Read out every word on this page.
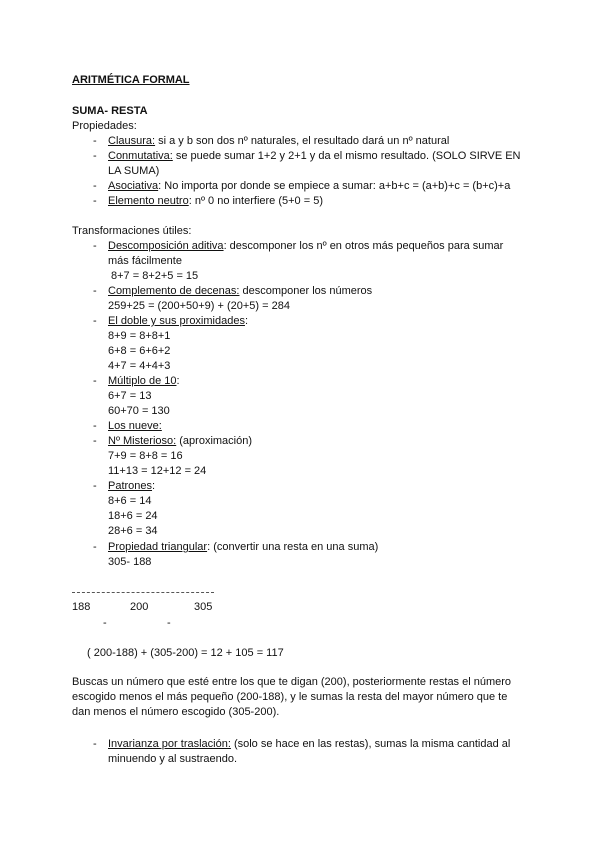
ARITMÉTICA FORMAL
SUMA- RESTA
Propiedades:
- Clausura: si a y b son dos nº naturales, el resultado dará un nº natural
- Conmutativa: se puede sumar 1+2 y 2+1 y da el mismo resultado. (SOLO SIRVE EN
LA SUMA)
- Asociativa: No importa por donde se empiece a sumar: a+b+c = (a+b)+c = (b+c)+a
- Elemento neutro: nº 0 no interfiere (5+0 = 5)
Transformaciones útiles:
- Descomposición aditiva: descomponer los nº en otros más pequeños para sumar
más fácilmente
8+7 = 8+2+5 = 15
- Complemento de decenas: descomponer los números
259+25 = (200+50+9) + (20+5) = 284
- El doble y sus proximidades:
8+9 = 8+8+1
6+8 = 6+6+2
4+7 = 4+4+3
- Múltiplo de 10:
6+7 = 13
60+70 = 130
- Los nueve:
- Nº Misterioso: (aproximación)
7+9 = 8+8 = 16
11+13 = 12+12 = 24
- Patrones:
8+6 = 14
18+6 = 24
28+6 = 34
- Propiedad triangular: (convertir una resta en una suma)
305- 188
188	200	305
-	-
( 200-188) + (305-200) = 12 + 105 = 117
Buscas un número que esté entre los que te digan (200), posteriormente restas el número
escogido menos el más pequeño (200-188), y le sumas la resta del mayor número que te
dan menos el número escogido (305-200).
- Invarianza por traslación: (solo se hace en las restas), sumas la misma cantidad al
minuendo y al sustraendo.
